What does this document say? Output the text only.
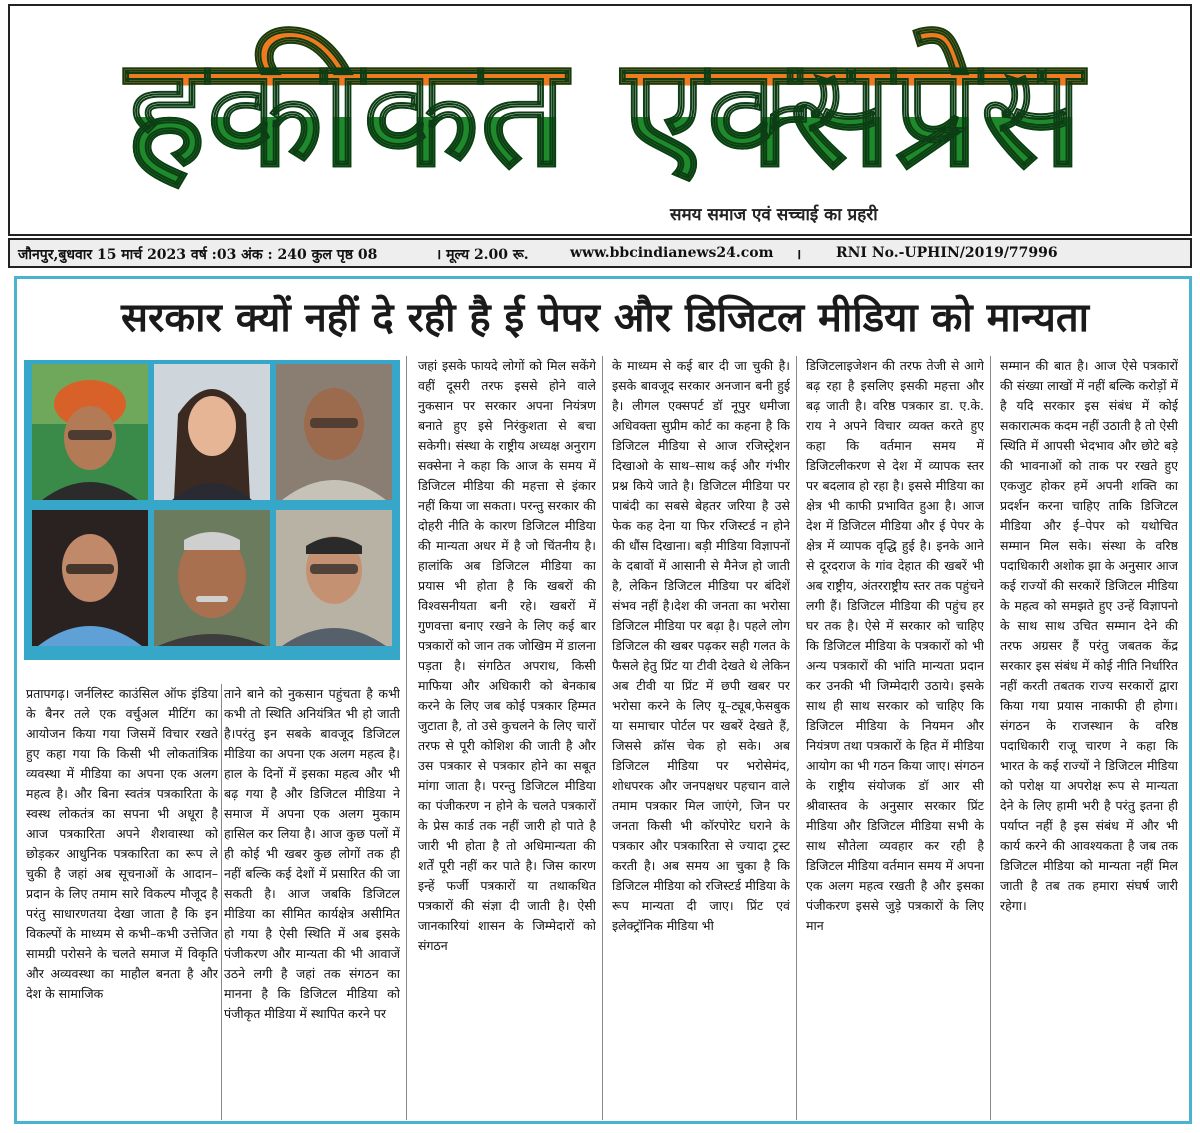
हकीकत एक्सप्रेस
समय समाज एवं सच्चाई का प्रहरी
जौनपुर,बुधवार 15 मार्च 2023 वर्ष :03 अंक : 240 कुल पृष्ठ 08	। मूल्य 2.00 रू.	www.bbcindianews24.com । RNI No.-UPHIN/2019/77996
सरकार क्यों नहीं दे रही है ई पेपर और डिजिटल मीडिया को मान्यता
प्रतापगढ़। जर्नलिस्ट काउंसिल ऑफ इंडिया के बैनर तले एक वर्चुअल मीटिंग का आयोजन किया गया जिसमें विचार रखते हुए कहा गया कि किसी भी लोकतांत्रिक व्यवस्था में मीडिया का अपना एक अलग महत्व है। और बिना स्वतंत्र पत्रकारिता के स्वस्थ लोकतंत्र का सपना भी अधूरा है आज पत्रकारिता अपने शैशवास्था को छोड़कर आधुनिक पत्रकारिता का रूप ले चुकी है जहां अब सूचनाओं के आदान–प्रदान के लिए तमाम सारे विकल्प मौजूद है परंतु साधारणतया देखा जाता है कि इन विकल्पों के माध्यम से कभी–कभी उत्तेजित सामग्री परोसने के चलते समाज में विकृति और अव्यवस्था का माहौल बनता है और देश के सामाजिक
ताने बाने को नुकसान पहुंचता है कभी कभी तो स्थिति अनियंत्रित भी हो जाती है।परंतु इन सबके बावजूद डिजिटल मीडिया का अपना एक अलग महत्व है। हाल के दिनों में इसका महत्व और भी बढ़ गया है और डिजिटल मीडिया ने समाज में अपना एक अलग मुकाम हासिल कर लिया है। आज कुछ पलों में ही कोई भी खबर कुछ लोगों तक ही नहीं बल्कि कई देशों में प्रसारित की जा सकती है। आज जबकि डिजिटल मीडिया का सीमित कार्यक्षेत्र असीमित हो गया है ऐसी स्थिति में अब इसके पंजीकरण और मान्यता की भी आवाजें उठने लगी है जहां तक संगठन का मानना है कि डिजिटल मीडिया को पंजीकृत मीडिया में स्थापित करने पर
जहां इसके फायदे लोगों को मिल सकेंगे वहीं दूसरी तरफ इससे होने वाले नुकसान पर सरकार अपना नियंत्रण बनाते हुए इसे निरंकुशता से बचा सकेगी। संस्था के राष्ट्रीय अध्यक्ष अनुराग सक्सेना ने कहा कि आज के समय में डिजिटल मीडिया की महत्ता से इंकार नहीं किया जा सकता। परन्तु सरकार की दोहरी नीति के कारण डिजिटल मीडिया की मान्यता अधर में है जो चिंतनीय है। हालांकि अब डिजिटल मीडिया का प्रयास भी होता है कि खबरों की विश्वसनीयता बनी रहे। खबरों में गुणवत्ता बनाए रखने के लिए कई बार पत्रकारों को जान तक जोखिम में डालना पड़ता है। संगठित अपराध, किसी माफिया और अधिकारी को बेनकाब करने के लिए जब कोई पत्रकार हिम्मत जुटाता है, तो उसे कुचलने के लिए चारों तरफ से पूरी कोशिश की जाती है और उस पत्रकार से पत्रकार होने का सबूत मांगा जाता है। परन्तु डिजिटल मीडिया का पंजीकरण न होने के चलते पत्रकारों के प्रेस कार्ड तक नहीं जारी हो पाते है जारी भी होता है तो अधिमान्यता की शर्तें पूरी नहीं कर पाते है। जिस कारण इन्हें फर्जी पत्रकारों या तथाकथित पत्रकारों की संज्ञा दी जाती है। ऐसी जानकारियां शासन के जिम्मेदारों को संगठन
के माध्यम से कई बार दी जा चुकी है। इसके बावजूद सरकार अनजान बनी हुई है। लीगल एक्सपर्ट डॉ नूपुर धमीजा अधिवक्ता सुप्रीम कोर्ट का कहना है कि डिजिटल मीडिया से आज रजिस्ट्रेशन दिखाओ के साथ–साथ कई और गंभीर प्रश्न किये जाते है। डिजिटल मीडिया पर पाबंदी का सबसे बेहतर जरिया है उसे फेक कह देना या फिर रजिस्टर्ड न होने की धौंस दिखाना। बड़ी मीडिया विज्ञापनों के दबावों में आसानी से मैनेज हो जाती है, लेकिन डिजिटल मीडिया पर बंदिशें संभव नहीं है।देश की जनता का भरोसा डिजिटल मीडिया पर बढ़ा है। पहले लोग डिजिटल की खबर पढ़कर सही गलत के फैसले हेतु प्रिंट या टीवी देखते थे लेकिन अब टीवी या प्रिंट में छपी खबर पर भरोसा करने के लिए यू–ट्यूब,फेसबुक या समाचार पोर्टल पर खबरें देखते हैं, जिससे क्रॉस चेक हो सके। अब डिजिटल मीडिया पर भरोसेमंद, शोधपरक और जनपक्षधर पहचान वाले तमाम पत्रकार मिल जाएंगे, जिन पर जनता किसी भी कॉरपोरेट घराने के पत्रकार और पत्रकारिता से ज्यादा ट्रस्ट करती है। अब समय आ चुका है कि डिजिटल मीडिया को रजिस्टर्ड मीडिया के रूप मान्यता दी जाए। प्रिंट एवं इलेक्ट्रॉनिक मीडिया भी
डिजिटलाइजेशन की तरफ तेजी से आगे बढ़ रहा है इसलिए इसकी महत्ता और बढ़ जाती है। वरिष्ठ पत्रकार डा. ए.के. राय ने अपने विचार व्यक्त करते हुए कहा कि वर्तमान समय में डिजिटलीकरण से देश में व्यापक स्तर पर बदलाव हो रहा है। इससे मीडिया का क्षेत्र भी काफी प्रभावित हुआ है। आज देश में डिजिटल मीडिया और ई पेपर के क्षेत्र में व्यापक वृद्धि हुई है। इनके आने से दूरदराज के गांव देहात की खबरें भी अब राष्ट्रीय, अंतरराष्ट्रीय स्तर तक पहुंचने लगी हैं। डिजिटल मीडिया की पहुंच हर घर तक है। ऐसे में सरकार को चाहिए कि डिजिटल मीडिया के पत्रकारों को भी अन्य पत्रकारों की भांति मान्यता प्रदान कर उनकी भी जिम्मेदारी उठाये। इसके साथ ही साथ सरकार को चाहिए कि डिजिटल मीडिया के नियमन और नियंत्रण तथा पत्रकारों के हित में मीडिया आयोग का भी गठन किया जाए। संगठन के राष्ट्रीय संयोजक डॉ आर सी श्रीवास्तव के अनुसार सरकार प्रिंट मीडिया और डिजिटल मीडिया सभी के साथ सौतेला व्यवहार कर रही है डिजिटल मीडिया वर्तमान समय में अपना एक अलग महत्व रखती है और इसका पंजीकरण इससे जुड़े पत्रकारों के लिए मान
सम्मान की बात है। आज ऐसे पत्रकारों की संख्या लाखों में नहीं बल्कि करोड़ों में है यदि सरकार इस संबंध में कोई सकारात्मक कदम नहीं उठाती है तो ऐसी स्थिति में आपसी भेदभाव और छोटे बड़े की भावनाओं को ताक पर रखते हुए एकजुट होकर हमें अपनी शक्ति का प्रदर्शन करना चाहिए ताकि डिजिटल मीडिया और ई–पेपर को यथोचित सम्मान मिल सके। संस्था के वरिष्ठ पदाधिकारी अशोक झा के अनुसार आज कई राज्यों की सरकारें डिजिटल मीडिया के महत्व को समझते हुए उन्हें विज्ञापनो के साथ साथ उचित सम्मान देने की तरफ अग्रसर हैं परंतु जबतक केंद्र सरकार इस संबंध में कोई नीति निर्धारित नहीं करती तबतक राज्य सरकारों द्वारा किया गया प्रयास नाकाफी ही होगा। संगठन के राजस्थान के वरिष्ठ पदाधिकारी राजू चारण ने कहा कि भारत के कई राज्यों ने डिजिटल मीडिया को परोक्ष या अपरोक्ष रूप से मान्यता देने के लिए हामी भरी है परंतु इतना ही पर्याप्त नहीं है इस संबंध में और भी कार्य करने की आवश्यकता है जब तक डिजिटल मीडिया को मान्यता नहीं मिल जाती है तब तक हमारा संघर्ष जारी रहेगा।
